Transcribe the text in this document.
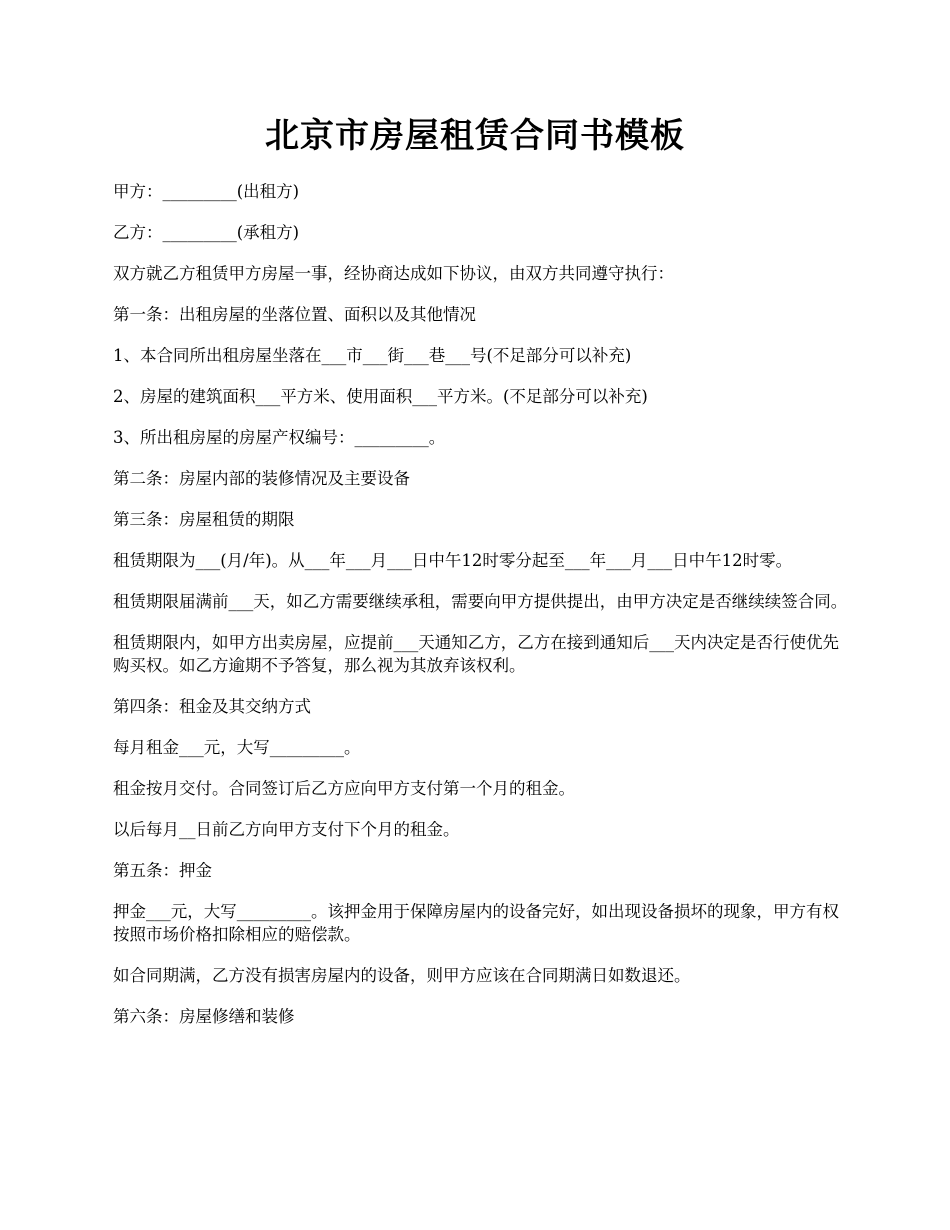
北京市房屋租赁合同书模板

甲方：_________(出租方)

乙方：_________(承租方)

双方就乙方租赁甲方房屋一事，经协商达成如下协议，由双方共同遵守执行：

第一条：出租房屋的坐落位置、面积以及其他情况

1、本合同所出租房屋坐落在___市___街___巷___号(不足部分可以补充)

2、房屋的建筑面积___平方米、使用面积___平方米。(不足部分可以补充)

3、所出租房屋的房屋产权编号：_________。

第二条：房屋内部的装修情况及主要设备

第三条：房屋租赁的期限

租赁期限为___(月/年)。从___年___月___日中午12时零分起至___年___月___日中午12时零。

租赁期限届满前___天，如乙方需要继续承租，需要向甲方提供提出，由甲方决定是否继续续签合同。

租赁期限内，如甲方出卖房屋，应提前___天通知乙方，乙方在接到通知后___天内决定是否行使优先购买权。如乙方逾期不予答复，那么视为其放弃该权利。

第四条：租金及其交纳方式

每月租金___元，大写_________。

租金按月交付。合同签订后乙方应向甲方支付第一个月的租金。

以后每月__日前乙方向甲方支付下个月的租金。

第五条：押金

押金___元，大写_________。该押金用于保障房屋内的设备完好，如出现设备损坏的现象，甲方有权按照市场价格扣除相应的赔偿款。

如合同期满，乙方没有损害房屋内的设备，则甲方应该在合同期满日如数退还。

第六条：房屋修缮和装修
